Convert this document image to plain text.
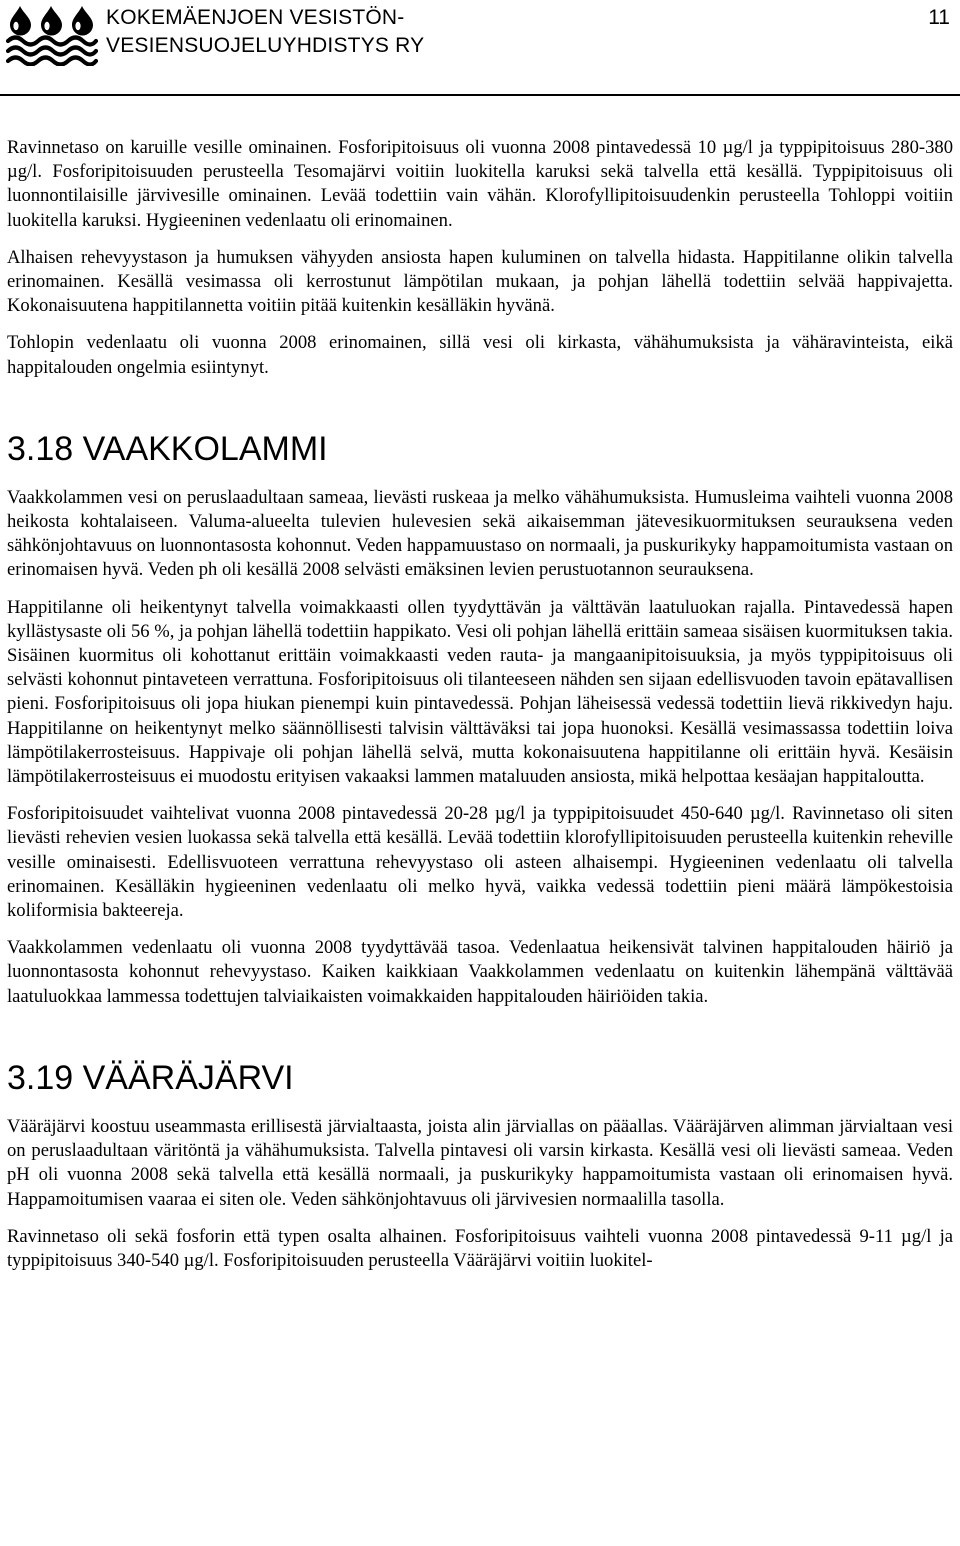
KOKEMÄENJOEN VESISTÖN-
VESIENSUOJELUYHDISTYS RY
11

Ravinnetaso on karuille vesille ominainen. Fosforipitoisuus oli vuonna 2008 pintavedessä 10 µg/l ja typpipitoisuus 280-380 µg/l. Fosforipitoisuuden perusteella Tesomajärvi voitiin luokitella karuksi sekä talvella että kesällä. Typpipitoisuus oli luonnontilaisille järvivesille ominainen. Levää todettiin vain vähän. Klorofyllipitoisuudenkin perusteella Tohloppi voitiin luokitella karuksi. Hygieeninen vedenlaatu oli erinomainen.

Alhaisen rehevyystason ja humuksen vähyyden ansiosta hapen kuluminen on talvella hidasta. Happitilanne olikin talvella erinomainen. Kesällä vesimassa oli kerrostunut lämpötilan mukaan, ja pohjan lähellä todettiin selvää happivajetta. Kokonaisuutena happitilannetta voitiin pitää kuitenkin kesälläkin hyvänä.

Tohlopin vedenlaatu oli vuonna 2008 erinomainen, sillä vesi oli kirkasta, vähähumuksista ja vähäravinteista, eikä happitalouden ongelmia esiintynyt.

3.18 VAAKKOLAMMI

Vaakkolammen vesi on peruslaadultaan sameaa, lievästi ruskeaa ja melko vähähumuksista. Humusleima vaihteli vuonna 2008 heikosta kohtalaiseen. Valuma-alueelta tulevien hulevesien sekä aikaisemman jätevesikuormituksen seurauksena veden sähkönjohtavuus on luonnontasosta kohonnut. Veden happamuustaso on normaali, ja puskurikyky happamoitumista vastaan on erinomaisen hyvä. Veden ph oli kesällä 2008 selvästi emäksinen levien perustuotannon seurauksena.

Happitilanne oli heikentynyt talvella voimakkaasti ollen tyydyttävän ja välttävän laatuluokan rajalla. Pintavedessä hapen kyllästysaste oli 56 %, ja pohjan lähellä todettiin happikato. Vesi oli pohjan lähellä erittäin sameaa sisäisen kuormituksen takia. Sisäinen kuormitus oli kohottanut erittäin voimakkaasti veden rauta- ja mangaanipitoisuuksia, ja myös typpipitoisuus oli selvästi kohonnut pintaveteen verrattuna. Fosforipitoisuus oli tilanteeseen nähden sen sijaan edellisvuoden tavoin epätavallisen pieni. Fosforipitoisuus oli jopa hiukan pienempi kuin pintavedessä. Pohjan läheisessä vedessä todettiin lievä rikkivedyn haju. Happitilanne on heikentynyt melko säännöllisesti talvisin välttäväksi tai jopa huonoksi. Kesällä vesimassassa todettiin loiva lämpötilakerrosteisuus. Happivaje oli pohjan lähellä selvä, mutta kokonaisuutena happitilanne oli erittäin hyvä. Kesäisin lämpötilakerrosteisuus ei muodostu erityisen vakaaksi lammen mataluuden ansiosta, mikä helpottaa kesäajan happitaloutta.

Fosforipitoisuudet vaihtelivat vuonna 2008 pintavedessä 20-28 µg/l ja typpipitoisuudet 450-640 µg/l. Ravinnetaso oli siten lievästi rehevien vesien luokassa sekä talvella että kesällä. Levää todettiin klorofyllipitoisuuden perusteella kuitenkin reheville vesille ominaisesti. Edellisvuoteen verrattuna rehevyystaso oli asteen alhaisempi. Hygieeninen vedenlaatu oli talvella erinomainen. Kesälläkin hygieeninen vedenlaatu oli melko hyvä, vaikka vedessä todettiin pieni määrä lämpökestoisia koliformisia bakteereja.

Vaakkolammen vedenlaatu oli vuonna 2008 tyydyttävää tasoa. Vedenlaatua heikensivät talvinen happitalouden häiriö ja luonnontasosta kohonnut rehevyystaso. Kaiken kaikkiaan Vaakkolammen vedenlaatu on kuitenkin lähempänä välttävää laatuluokkaa lammessa todettujen talviaikaisten voimakkaiden happitalouden häiriöiden takia.

3.19 VÄÄRÄJÄRVI

Vääräjärvi koostuu useammasta erillisestä järvialtaasta, joista alin järviallas on pääallas. Vääräjärven alimman järvialtaan vesi on peruslaadultaan väritöntä ja vähähumuksista. Talvella pintavesi oli varsin kirkasta. Kesällä vesi oli lievästi sameaa. Veden pH oli vuonna 2008 sekä talvella että kesällä normaali, ja puskurikyky happamoitumista vastaan oli erinomaisen hyvä. Happamoitumisen vaaraa ei siten ole. Veden sähkönjohtavuus oli järvivesien normaalilla tasolla.

Ravinnetaso oli sekä fosforin että typen osalta alhainen. Fosforipitoisuus vaihteli vuonna 2008 pintavedessä 9-11 µg/l ja typpipitoisuus 340-540 µg/l. Fosforipitoisuuden perusteella Vääräjärvi voitiin luokitel-
